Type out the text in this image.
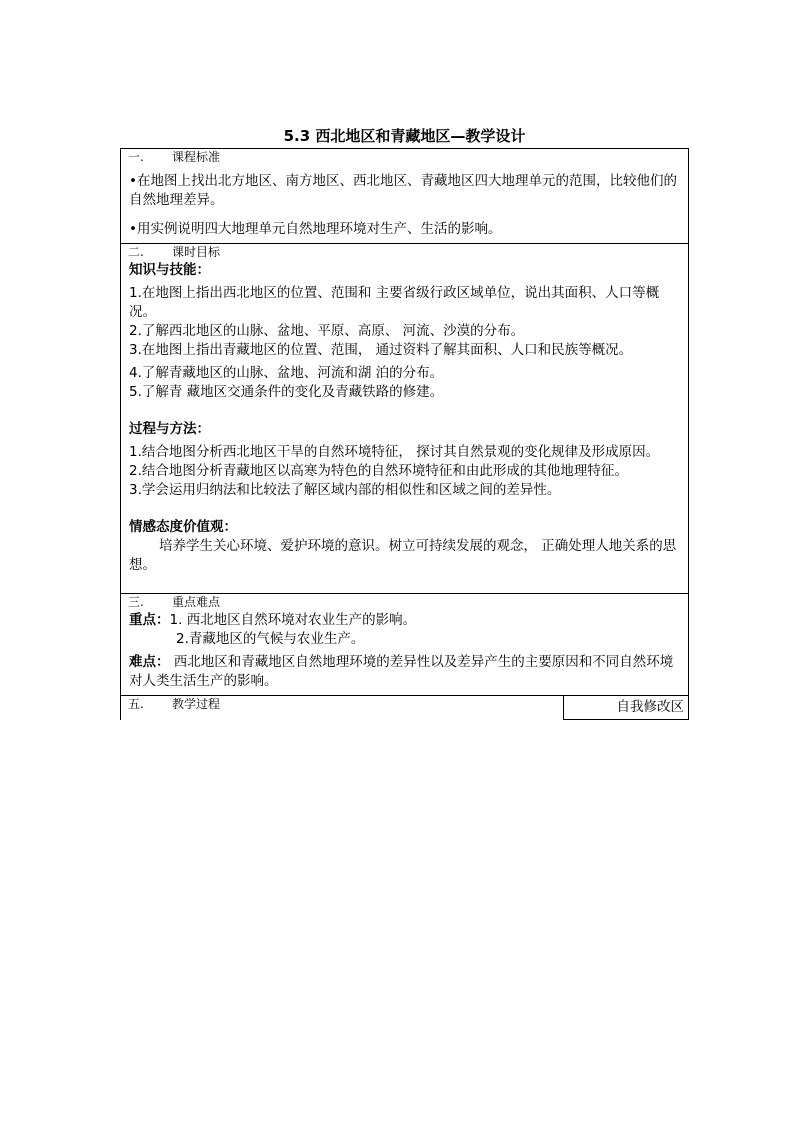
5.3 西北地区和青藏地区—教学设计
一. 课程标准

•在地图上找出北方地区、南方地区、西北地区、青藏地区四大地理单元的范围，比较他们的自然地理差异。

•用实例说明四大地理单元自然地理环境对生产、生活的影响。

二. 课时目标
知识与技能：

1.在地图上指出西北地区的位置、范围和 主要省级行政区域单位，说出其面积、人口等概况。

2.了解西北地区的山脉、盆地、平原、高原、 河流、沙漠的分布。

3.在地图上指出青藏地区的位置、范围， 通过资料了解其面积、人口和民族等概况。

4.了解青藏地区的山脉、盆地、河流和湖 泊的分布。

5.了解青 藏地区交通条件的变化及青藏铁路的修建。

过程与方法：

1.结合地图分析西北地区干旱的自然环境特征， 探讨其自然景观的变化规律及形成原因。

2.结合地图分析青藏地区以高寒为特色的自然环境特征和由此形成的其他地理特征。

3.学会运用归纳法和比较法了解区域内部的相似性和区域之间的差异性。

情感态度价值观：

培养学生关心环境、爱护环境的意识。树立可持续发展的观念， 正确处理人地关系的思想。

三. 重点难点

重点：1. 西北地区自然环境对农业生产的影响。

2.青藏地区的气候与农业生产。

难点： 西北地区和青藏地区自然地理环境的差异性以及差异产生的主要原因和不同自然环境对人类生活生产的影响。

五. 教学过程	自我修改区
